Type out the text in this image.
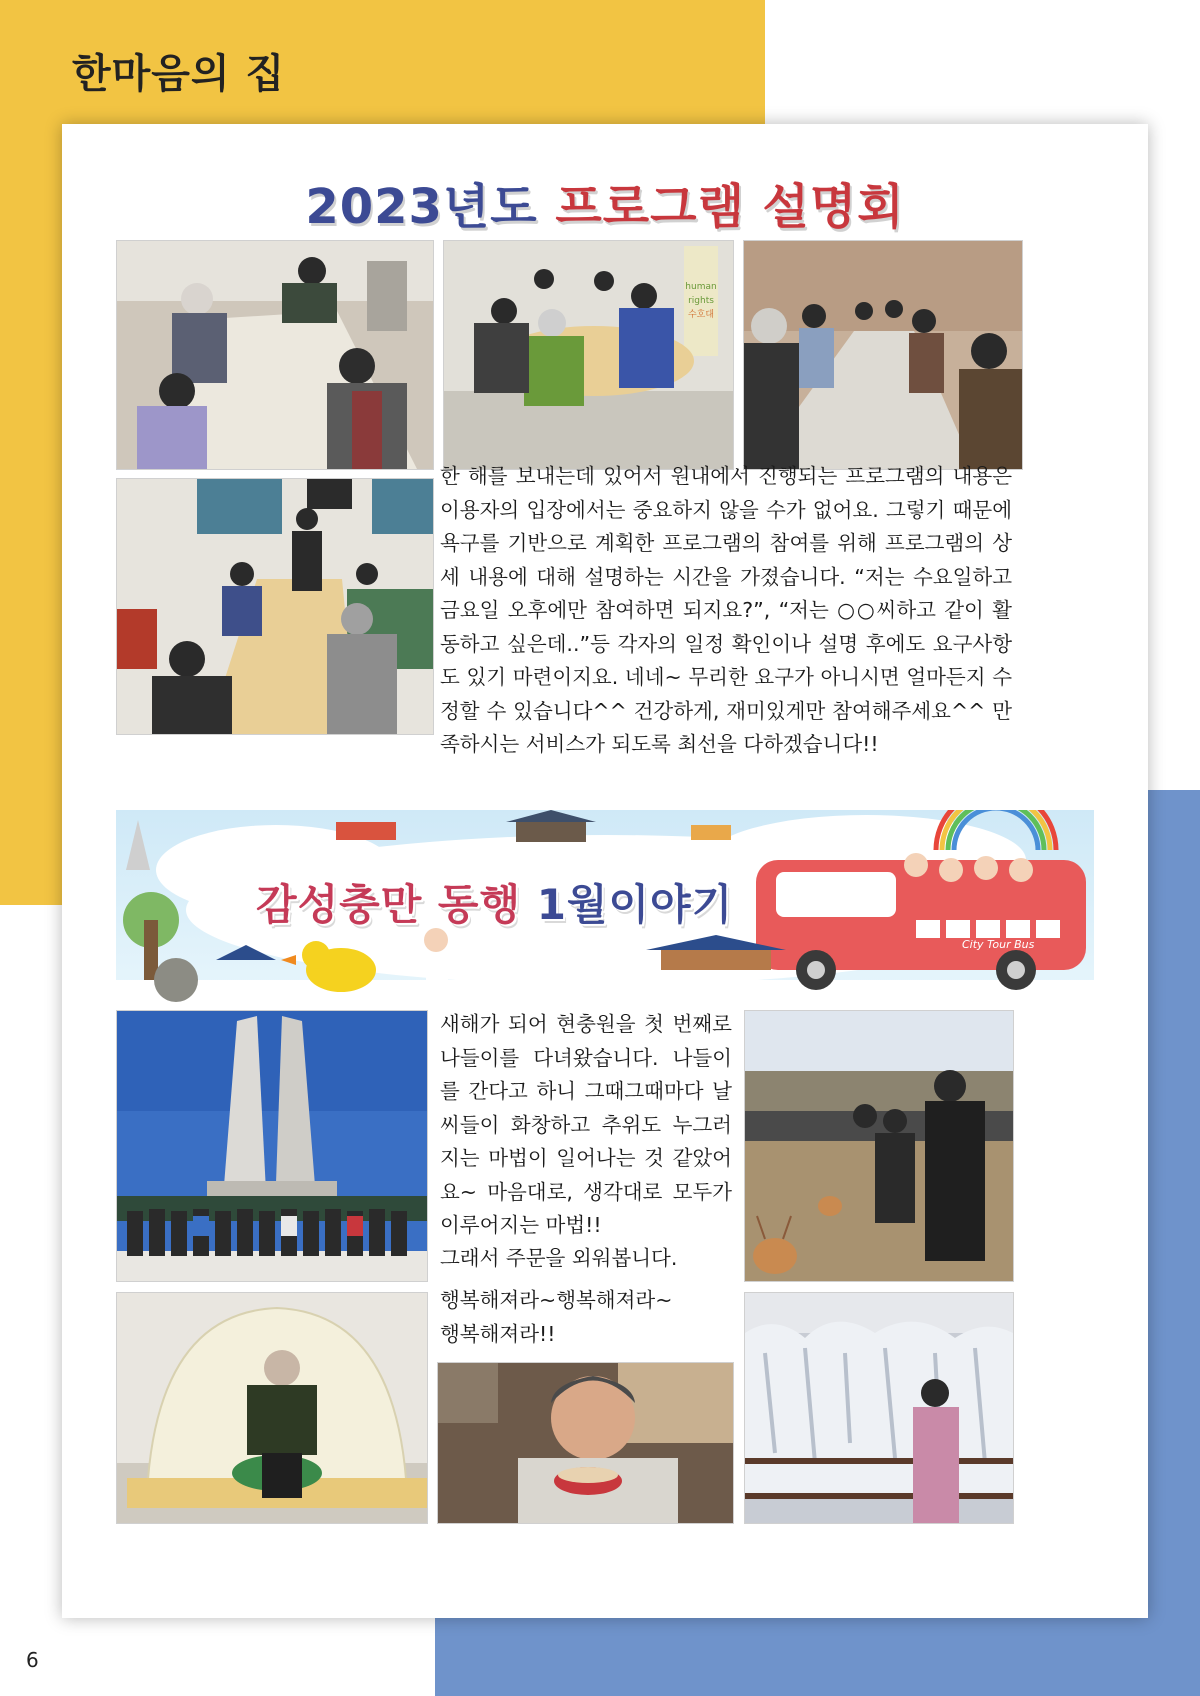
한마음의 집
2023년도 프로그램 설명회
human
rights
수호대

한 해를 보내는데 있어서 원내에서 진행되는 프로그램의 내용은 이용자의 입장에서는 중요하지 않을 수가 없어요. 그렇기 때문에 욕구를 기반으로 계획한 프로그램의 참여를 위해 프로그램의 상세 내용에 대해 설명하는 시간을 가졌습니다. “저는 수요일하고 금요일 오후에만 참여하면 되지요?”, “저는 ○○씨하고 같이 활동하고 싶은데..”등 각자의 일정 확인이나 설명 후에도 요구사항도 있기 마련이지요. 네네~ 무리한 요구가 아니시면 얼마든지 수정할 수 있습니다^^ 건강하게, 재미있게만 참여해주세요^^ 만족하시는 서비스가 되도록 최선을 다하겠습니다!!

감성충만 동행 1월이야기
City Tour Bus

새해가 되어 현충원을 첫 번째로 나들이를 다녀왔습니다. 나들이를 간다고 하니 그때그때마다 날씨들이 화창하고 추위도 누그러지는 마법이 일어나는 것 같았어요~ 마음대로, 생각대로 모두가 이루어지는 마법!!

그래서 주문을 외워봅니다.

행복해져라~행복해져라~

행복해져라!!

6
